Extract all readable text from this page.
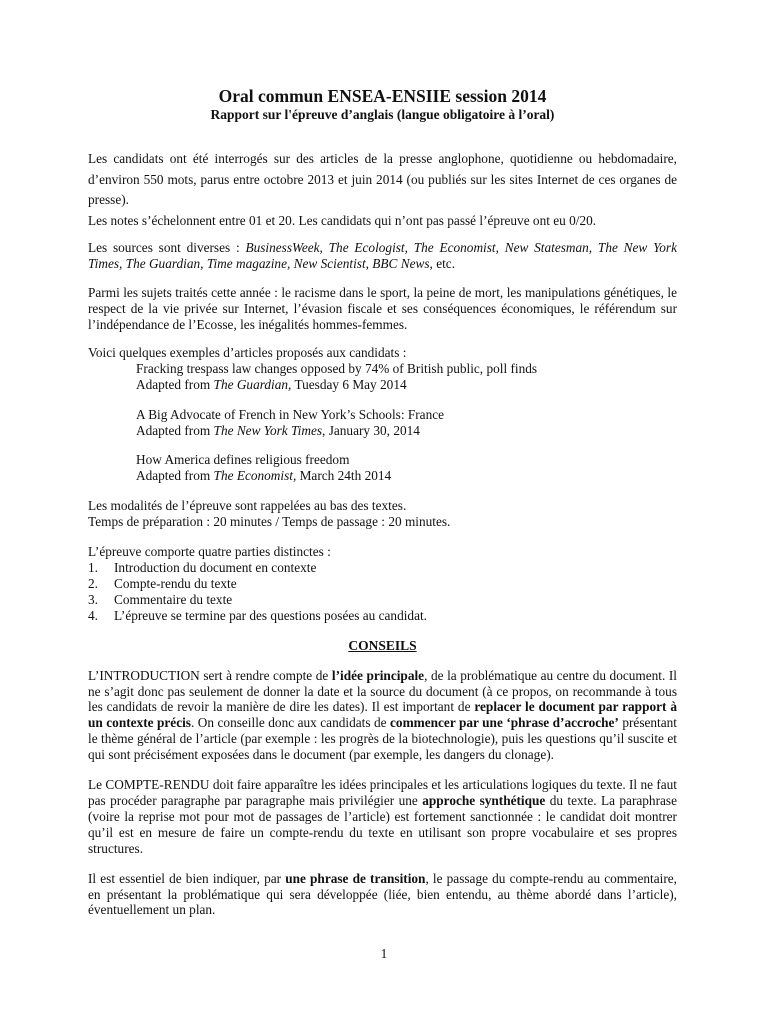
Oral commun ENSEA-ENSIIE session 2014

Rapport sur l'épreuve d’anglais (langue obligatoire à l’oral)

Les candidats ont été interrogés sur des articles de la presse anglophone, quotidienne ou hebdomadaire, d’environ 550 mots, parus entre octobre 2013 et juin 2014 (ou publiés sur les sites Internet de ces organes de presse).

Les notes s’échelonnent entre 01 et 20. Les candidats qui n’ont pas passé l’épreuve ont eu 0/20.

Les sources sont diverses : BusinessWeek, The Ecologist, The Economist, New Statesman, The New York Times, The Guardian, Time magazine, New Scientist, BBC News, etc.

Parmi les sujets traités cette année : le racisme dans le sport, la peine de mort, les manipulations génétiques, le respect de la vie privée sur Internet, l’évasion fiscale et ses conséquences économiques, le référendum sur l’indépendance de l’Ecosse, les inégalités hommes-femmes.

Voici quelques exemples d’articles proposés aux candidats :

Fracking trespass law changes opposed by 74% of British public, poll finds

Adapted from The Guardian, Tuesday 6 May 2014

A Big Advocate of French in New York’s Schools: France

Adapted from The New York Times, January 30, 2014

How America defines religious freedom

Adapted from The Economist, March 24th 2014

Les modalités de l’épreuve sont rappelées au bas des textes.

Temps de préparation : 20 minutes / Temps de passage : 20 minutes.

L’épreuve comporte quatre parties distinctes :

1.	Introduction du document en contexte
2.	Compte-rendu du texte
3.	Commentaire du texte
4.	L’épreuve se termine par des questions posées au candidat.

CONSEILS

L’INTRODUCTION sert à rendre compte de l’idée principale, de la problématique au centre du document. Il ne s’agit donc pas seulement de donner la date et la source du document (à ce propos, on recommande à tous les candidats de revoir la manière de dire les dates). Il est important de replacer le document par rapport à un contexte précis. On conseille donc aux candidats de commencer par une ‘phrase d’accroche’ présentant le thème général de l’article (par exemple : les progrès de la biotechnologie), puis les questions qu’il suscite et qui sont précisément exposées dans le document (par exemple, les dangers du clonage).

Le COMPTE-RENDU doit faire apparaître les idées principales et les articulations logiques du texte. Il ne faut pas procéder paragraphe par paragraphe mais privilégier une approche synthétique du texte. La paraphrase (voire la reprise mot pour mot de passages de l’article) est fortement sanctionnée : le candidat doit montrer qu’il est en mesure de faire un compte-rendu du texte en utilisant son propre vocabulaire et ses propres structures.

Il est essentiel de bien indiquer, par une phrase de transition, le passage du compte-rendu au commentaire, en présentant la problématique qui sera développée (liée, bien entendu, au thème abordé dans l’article), éventuellement un plan.

1
